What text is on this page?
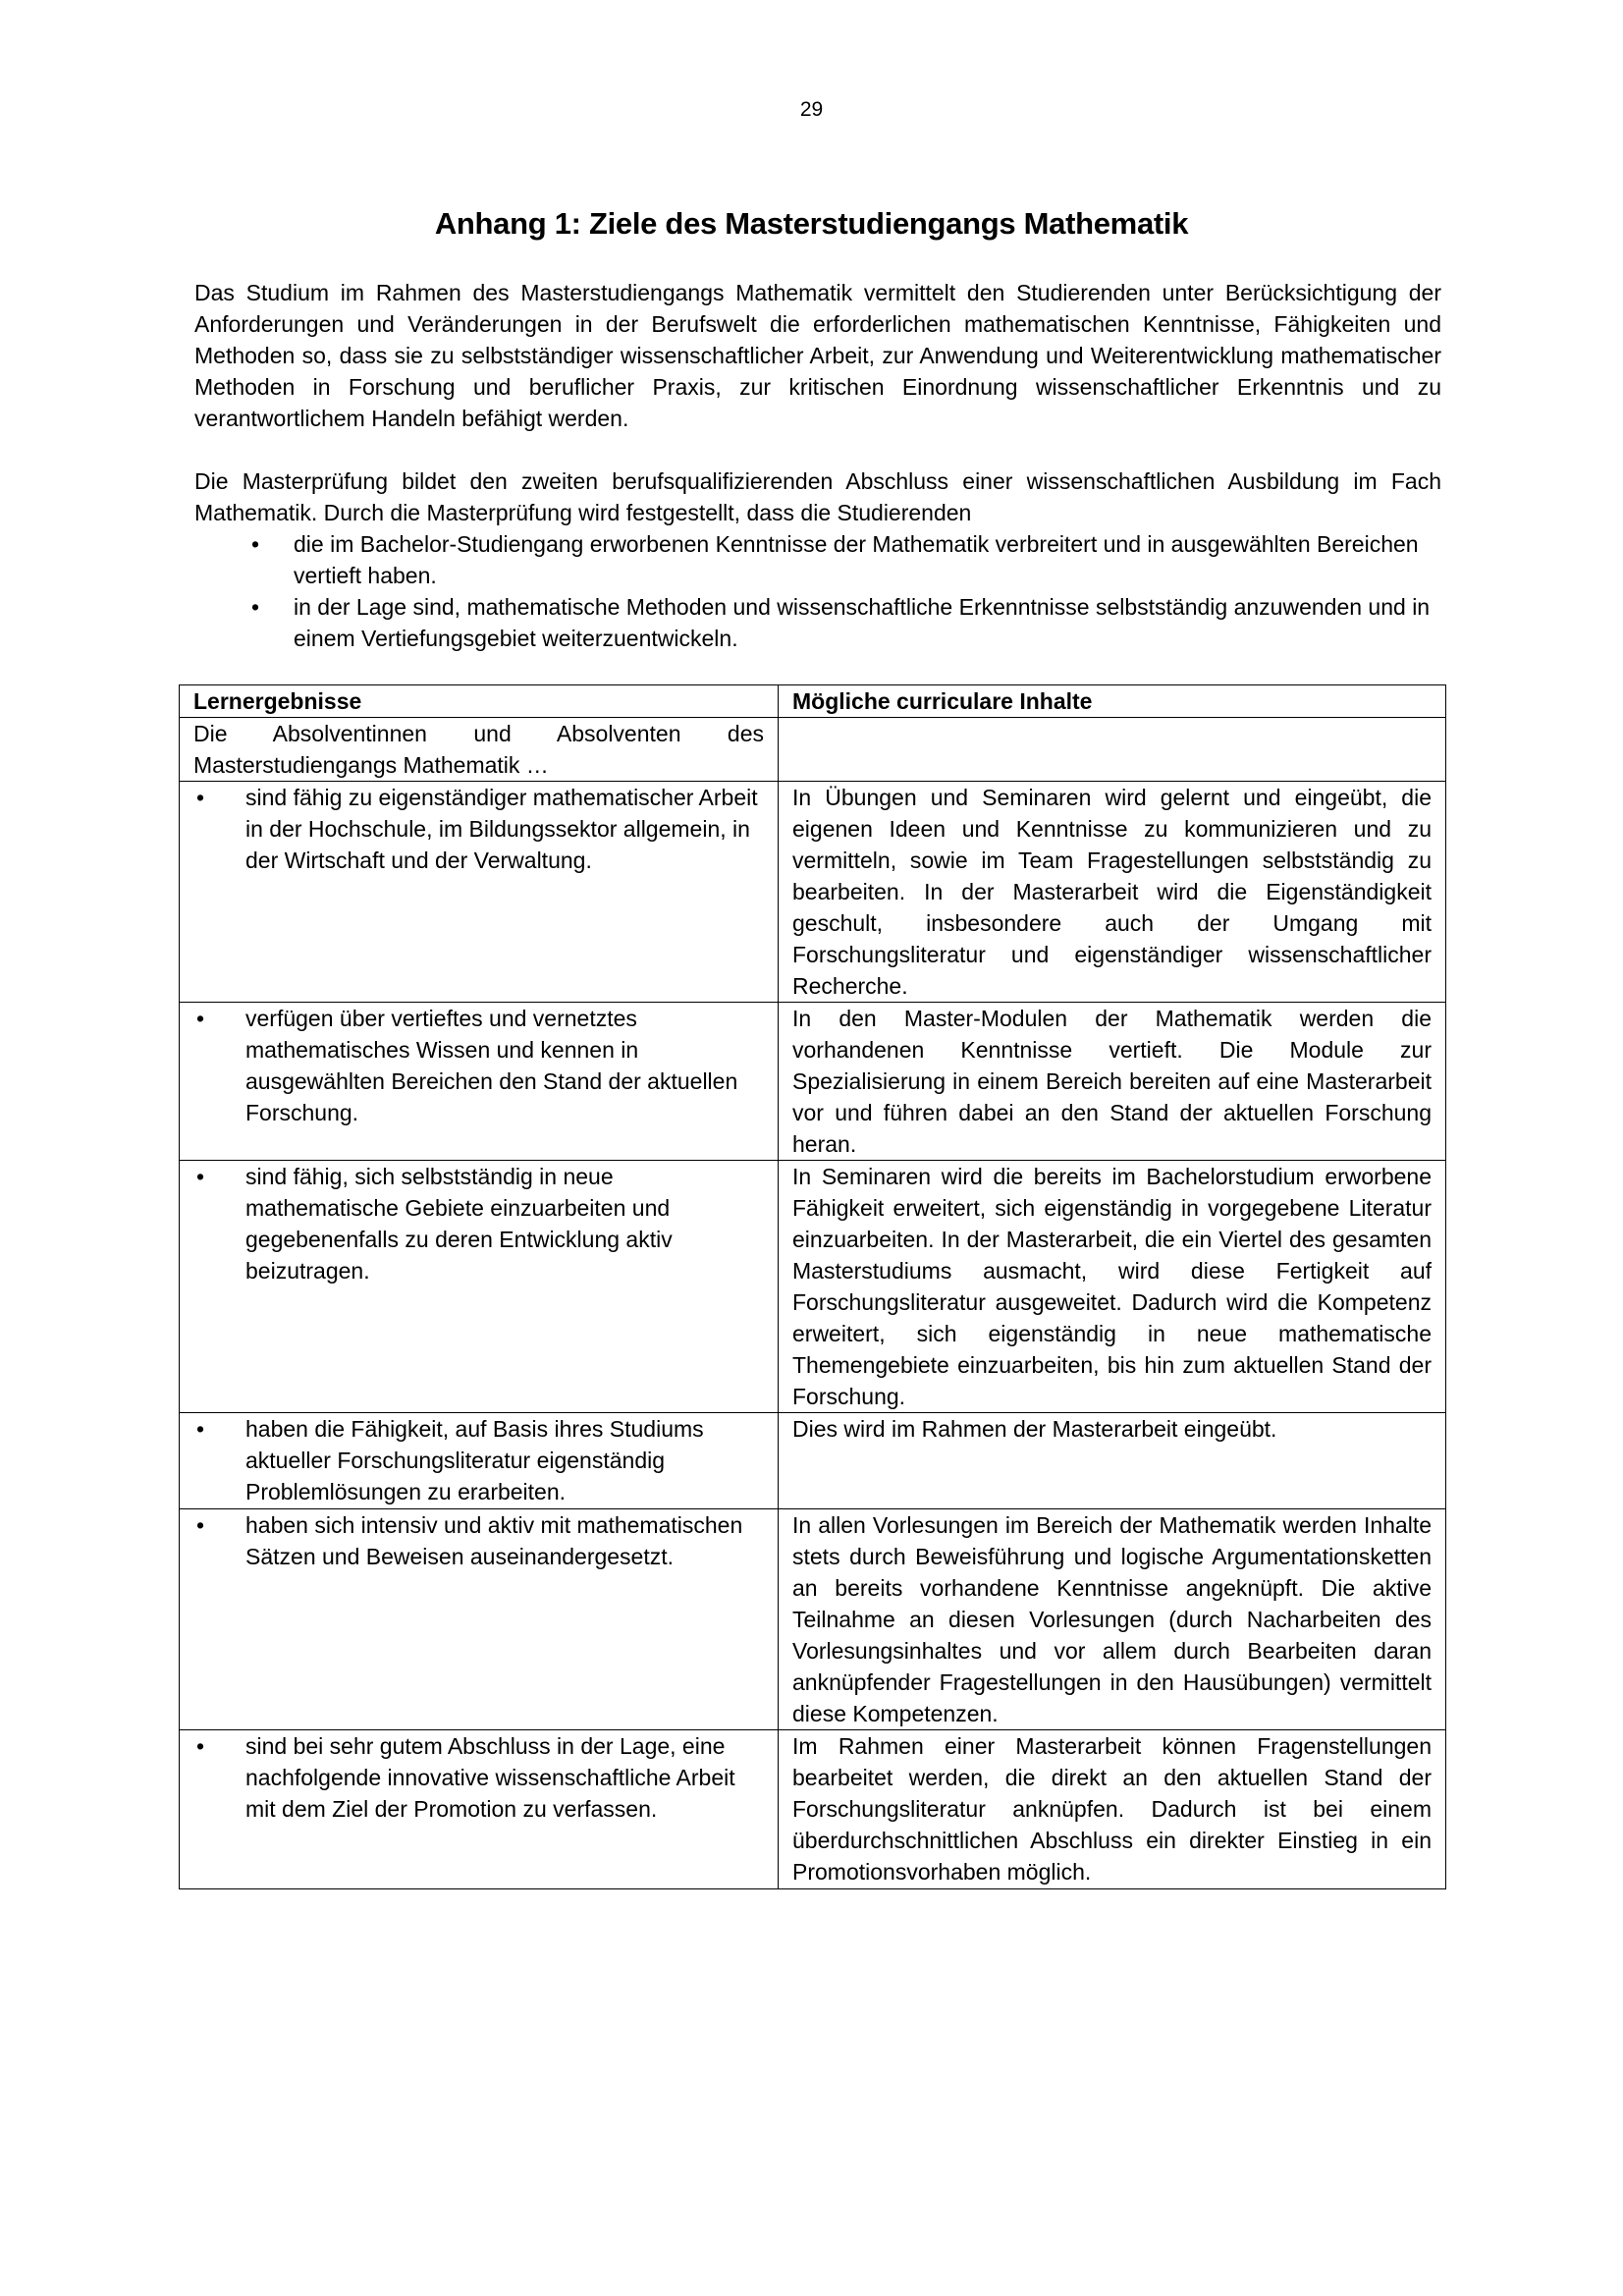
29
Anhang 1: Ziele des Masterstudiengangs Mathematik
Das Studium im Rahmen des Masterstudiengangs Mathematik vermittelt den Studierenden unter Berücksichtigung der Anforderungen und Veränderungen in der Berufswelt die erforderlichen mathematischen Kenntnisse, Fähigkeiten und Methoden so, dass sie zu selbstständiger wissenschaftlicher Arbeit, zur Anwendung und Weiterentwicklung mathematischer Methoden in Forschung und beruflicher Praxis, zur kritischen Einordnung wissenschaftlicher Erkenntnis und zu verantwortlichem Handeln befähigt werden.
Die Masterprüfung bildet den zweiten berufsqualifizierenden Abschluss einer wissenschaftlichen Ausbildung im Fach Mathematik. Durch die Masterprüfung wird festgestellt, dass die Studierenden
• die im Bachelor-Studiengang erworbenen Kenntnisse der Mathematik verbreitert und in ausgewählten Bereichen vertieft haben.
• in der Lage sind, mathematische Methoden und wissenschaftliche Erkenntnisse selbstständig anzuwenden und in einem Vertiefungsgebiet weiterzuentwickeln.
Lernergebnisse	Mögliche curriculare Inhalte

Die Absolventinnen und Absolventen des
Masterstudiengangs Mathematik …	

• sind fähig zu eigenständiger mathematischer Arbeit in der Hochschule, im Bildungssektor allgemein, in der Wirtschaft und der Verwaltung.	In Übungen und Seminaren wird gelernt und eingeübt, die eigenen Ideen und Kenntnisse zu kommunizieren und zu vermitteln, sowie im Team Fragestellungen selbstständig zu bearbeiten. In der Masterarbeit wird die Eigenständigkeit geschult, insbesondere auch der Umgang mit Forschungsliteratur und eigenständiger wissenschaftlicher Recherche.

• verfügen über vertieftes und vernetztes mathematisches Wissen und kennen in ausgewählten Bereichen den Stand der aktuellen Forschung.	In den Master-Modulen der Mathematik werden die vorhandenen Kenntnisse vertieft. Die Module zur Spezialisierung in einem Bereich bereiten auf eine Masterarbeit vor und führen dabei an den Stand der aktuellen Forschung heran.

• sind fähig, sich selbstständig in neue mathematische Gebiete einzuarbeiten und gegebenenfalls zu deren Entwicklung aktiv beizutragen.	In Seminaren wird die bereits im Bachelorstudium erworbene Fähigkeit erweitert, sich eigenständig in vorgegebene Literatur einzuarbeiten. In der Masterarbeit, die ein Viertel des gesamten Masterstudiums ausmacht, wird diese Fertigkeit auf Forschungsliteratur ausgeweitet. Dadurch wird die Kompetenz erweitert, sich eigenständig in neue mathematische Themengebiete einzuarbeiten, bis hin zum aktuellen Stand der Forschung.

• haben die Fähigkeit, auf Basis ihres Studiums aktueller Forschungsliteratur eigenständig Problemlösungen zu erarbeiten.	Dies wird im Rahmen der Masterarbeit eingeübt.

• haben sich intensiv und aktiv mit mathematischen Sätzen und Beweisen auseinandergesetzt.	In allen Vorlesungen im Bereich der Mathematik werden Inhalte stets durch Beweisführung und logische Argumentationsketten an bereits vorhandene Kenntnisse angeknüpft. Die aktive Teilnahme an diesen Vorlesungen (durch Nacharbeiten des Vorlesungsinhaltes und vor allem durch Bearbeiten daran anknüpfender Fragestellungen in den Hausübungen) vermittelt diese Kompetenzen.

• sind bei sehr gutem Abschluss in der Lage, eine nachfolgende innovative wissenschaftliche Arbeit mit dem Ziel der Promotion zu verfassen.	Im Rahmen einer Masterarbeit können Fragenstellungen bearbeitet werden, die direkt an den aktuellen Stand der Forschungsliteratur anknüpfen. Dadurch ist bei einem überdurchschnittlichen Abschluss ein direkter Einstieg in ein Promotionsvorhaben möglich.
